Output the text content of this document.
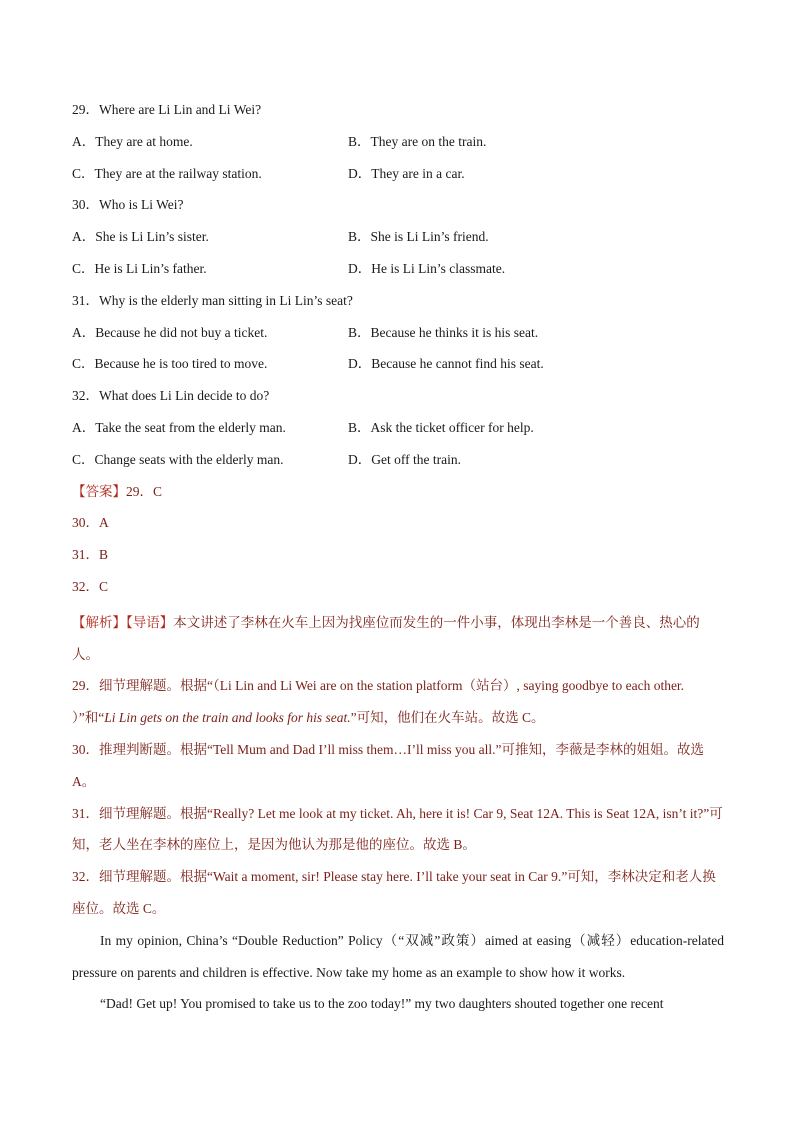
29．Where are Li Lin and Li Wei?
A．They are at home.	B．They are on the train.
C．They are at the railway station.	D．They are in a car.
30．Who is Li Wei?
A．She is Li Lin’s sister.	B．She is Li Lin’s friend.
C．He is Li Lin’s father.	D．He is Li Lin’s classmate.
31．Why is the elderly man sitting in Li Lin’s seat?
A．Because he did not buy a ticket.	B．Because he thinks it is his seat.
C．Because he is too tired to move.	D．Because he cannot find his seat.
32．What does Li Lin decide to do?
A．Take the seat from the elderly man.	B．Ask the ticket officer for help.
C．Change seats with the elderly man.	D．Get off the train.
【答案】29．C
30．A
31．B
32．C
【解析】【导语】本文讲述了李林在火车上因为找座位而发生的一件小事，体现出李林是一个善良、热心的人。
29．细节理解题。根据“（Li Lin and Li Wei are on the station platform（站台）, saying goodbye to each other. ）”和“Li Lin gets on the train and looks for his seat.”可知，他们在火车站。故选 C。
30．推理判断题。根据“Tell Mum and Dad I’ll miss them…I’ll miss you all.”可推知，李薇是李林的姐姐。故选 A。
31．细节理解题。根据“Really? Let me look at my ticket. Ah, here it is! Car 9, Seat 12A. This is Seat 12A, isn’t it?”可知，老人坐在李林的座位上，是因为他认为那是他的座位。故选 B。
32．细节理解题。根据“Wait a moment, sir! Please stay here. I’ll take your seat in Car 9.”可知，李林决定和老人换座位。故选 C。
In my opinion, China’s “Double Reduction” Policy（“双减”政策）aimed at easing（减轻）education-related pressure on parents and children is effective. Now take my home as an example to show how it works.
“Dad! Get up! You promised to take us to the zoo today!” my two daughters shouted together one recent
